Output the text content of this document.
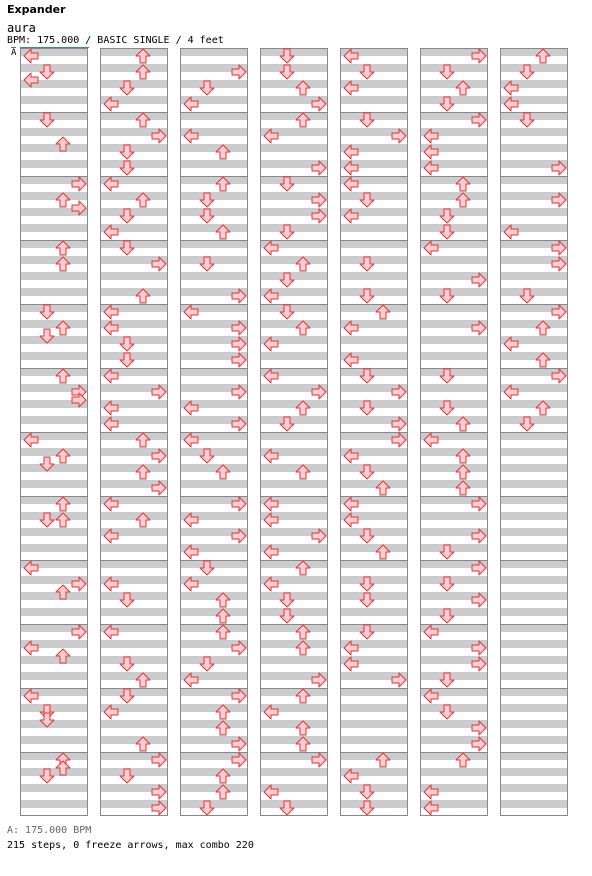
Expander
aura
BPM: 175.000 / BASIC SINGLE / 4 feet
A
A: 175.000 BPM
215 steps, 0 freeze arrows, max combo 220
